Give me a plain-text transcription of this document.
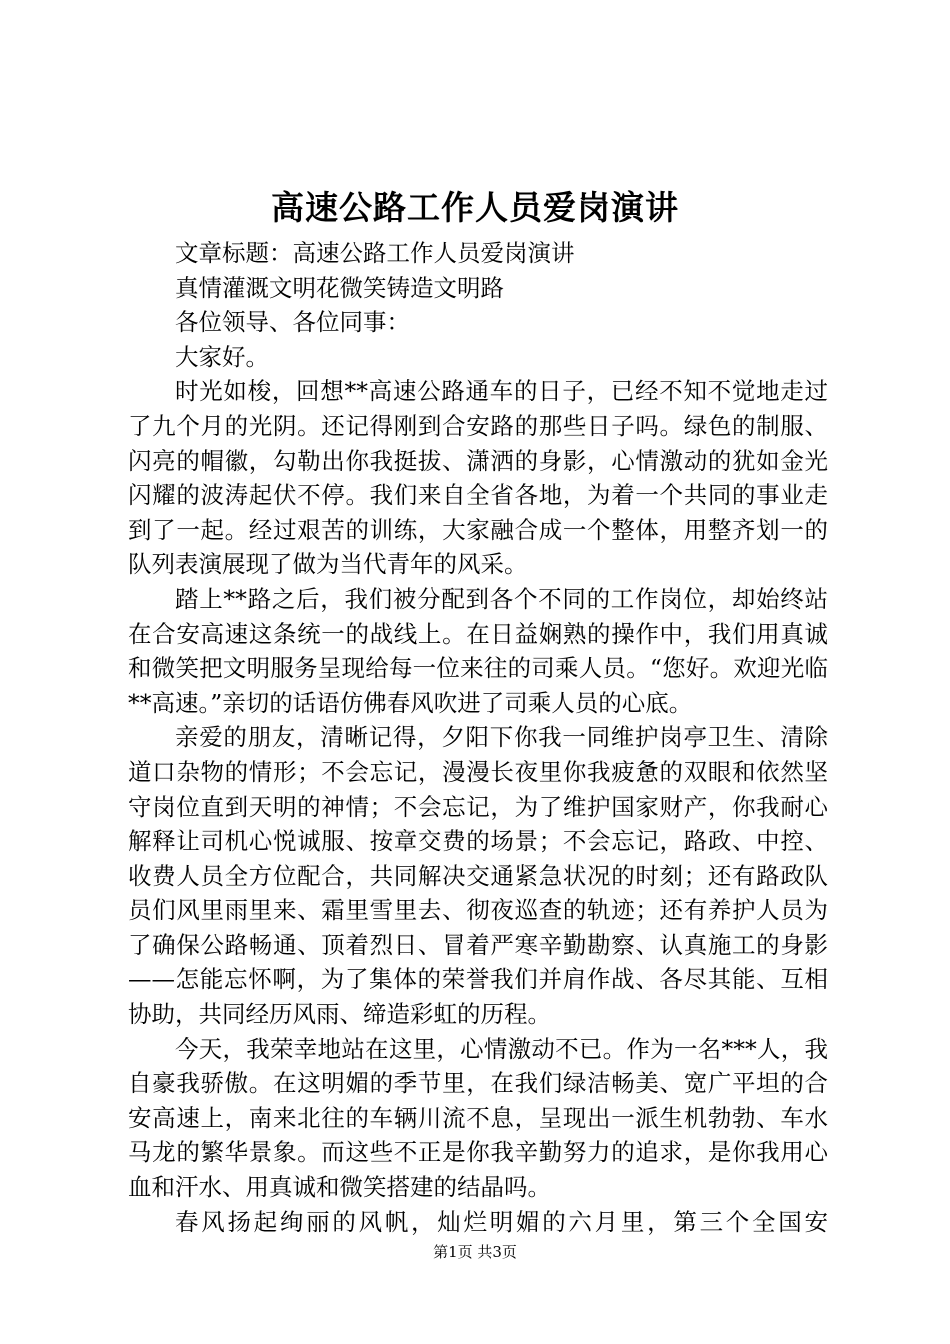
高速公路工作人员爱岗演讲

文章标题：高速公路工作人员爱岗演讲

真情灌溉文明花微笑铸造文明路

各位领导、各位同事：

大家好。

时光如梭，回想**高速公路通车的日子，已经不知不觉地走过了九个月的光阴。还记得刚到合安路的那些日子吗。绿色的制服、闪亮的帽徽，勾勒出你我挺拔、潇洒的身影，心情激动的犹如金光闪耀的波涛起伏不停。我们来自全省各地，为着一个共同的事业走到了一起。经过艰苦的训练，大家融合成一个整体，用整齐划一的队列表演展现了做为当代青年的风采。

踏上**路之后，我们被分配到各个不同的工作岗位，却始终站在合安高速这条统一的战线上。在日益娴熟的操作中，我们用真诚和微笑把文明服务呈现给每一位来往的司乘人员。“您好。欢迎光临**高速。”亲切的话语仿佛春风吹进了司乘人员的心底。

亲爱的朋友，清晰记得，夕阳下你我一同维护岗亭卫生、清除道口杂物的情形；不会忘记，漫漫长夜里你我疲惫的双眼和依然坚守岗位直到天明的神情；不会忘记，为了维护国家财产，你我耐心解释让司机心悦诚服、按章交费的场景；不会忘记，路政、中控、收费人员全方位配合，共同解决交通紧急状况的时刻；还有路政队员们风里雨里来、霜里雪里去、彻夜巡查的轨迹；还有养护人员为了确保公路畅通、顶着烈日、冒着严寒辛勤勘察、认真施工的身影——怎能忘怀啊，为了集体的荣誉我们并肩作战、各尽其能、互相协助，共同经历风雨、缔造彩虹的历程。

今天，我荣幸地站在这里，心情激动不已。作为一名***人，我自豪我骄傲。在这明媚的季节里，在我们绿洁畅美、宽广平坦的合安高速上，南来北往的车辆川流不息，呈现出一派生机勃勃、车水马龙的繁华景象。而这些不正是你我辛勤努力的追求，是你我用心血和汗水、用真诚和微笑搭建的结晶吗。

春风扬起绚丽的风帆，灿烂明媚的六月里，第三个全国安

第1页 共3页
